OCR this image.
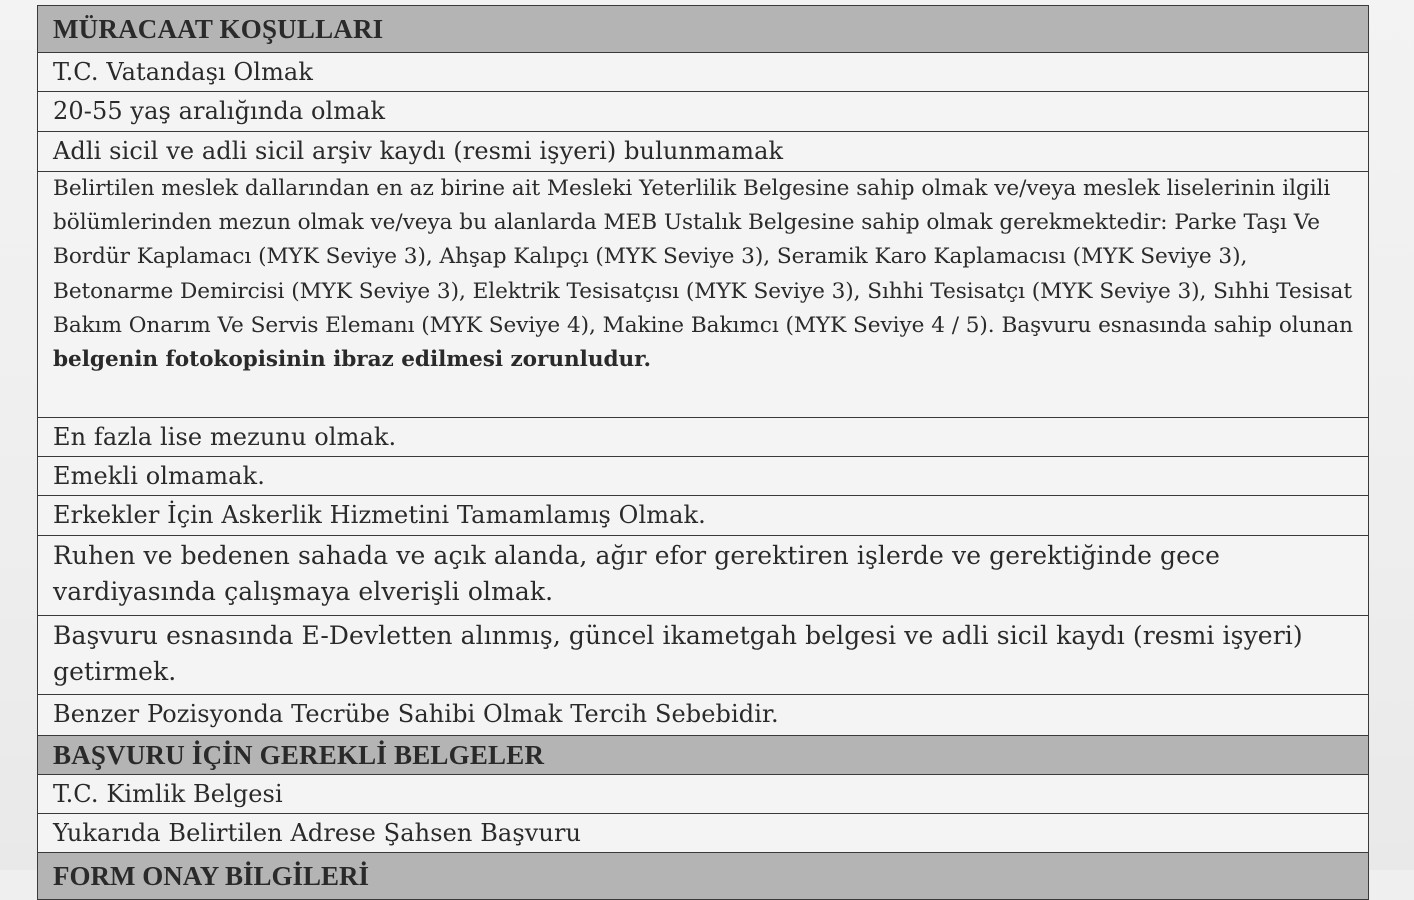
MÜRACAAT KOŞULLARI
T.C. Vatandaşı Olmak
20-55 yaş aralığında olmak
Adli sicil ve adli sicil arşiv kaydı (resmi işyeri) bulunmamak
Belirtilen meslek dallarından en az birine ait Mesleki Yeterlilik Belgesine sahip olmak ve/veya meslek liselerinin ilgili bölümlerinden mezun olmak ve/veya bu alanlarda MEB Ustalık Belgesine sahip olmak gerekmektedir: Parke Taşı Ve Bordür Kaplamacı (MYK Seviye 3), Ahşap Kalıpçı (MYK Seviye 3), Seramik Karo Kaplamacısı (MYK Seviye 3), Betonarme Demircisi (MYK Seviye 3), Elektrik Tesisatçısı (MYK Seviye 3), Sıhhi Tesisatçı (MYK Seviye 3), Sıhhi Tesisat Bakım Onarım Ve Servis Elemanı (MYK Seviye 4), Makine Bakımcı (MYK Seviye 4 / 5). Başvuru esnasında sahip olunan belgenin fotokopisinin ibraz edilmesi zorunludur.
En fazla lise mezunu olmak.
Emekli olmamak.
Erkekler İçin Askerlik Hizmetini Tamamlamış Olmak.
Ruhen ve bedenen sahada ve açık alanda, ağır efor gerektiren işlerde ve gerektiğinde gece vardiyasında çalışmaya elverişli olmak.
Başvuru esnasında E-Devletten alınmış, güncel ikametgah belgesi ve adli sicil kaydı (resmi işyeri) getirmek.
Benzer Pozisyonda Tecrübe Sahibi Olmak Tercih Sebebidir.
BAŞVURU İÇİN GEREKLİ BELGELER
T.C. Kimlik Belgesi
Yukarıda Belirtilen Adrese Şahsen Başvuru
FORM ONAY BİLGİLERİ
